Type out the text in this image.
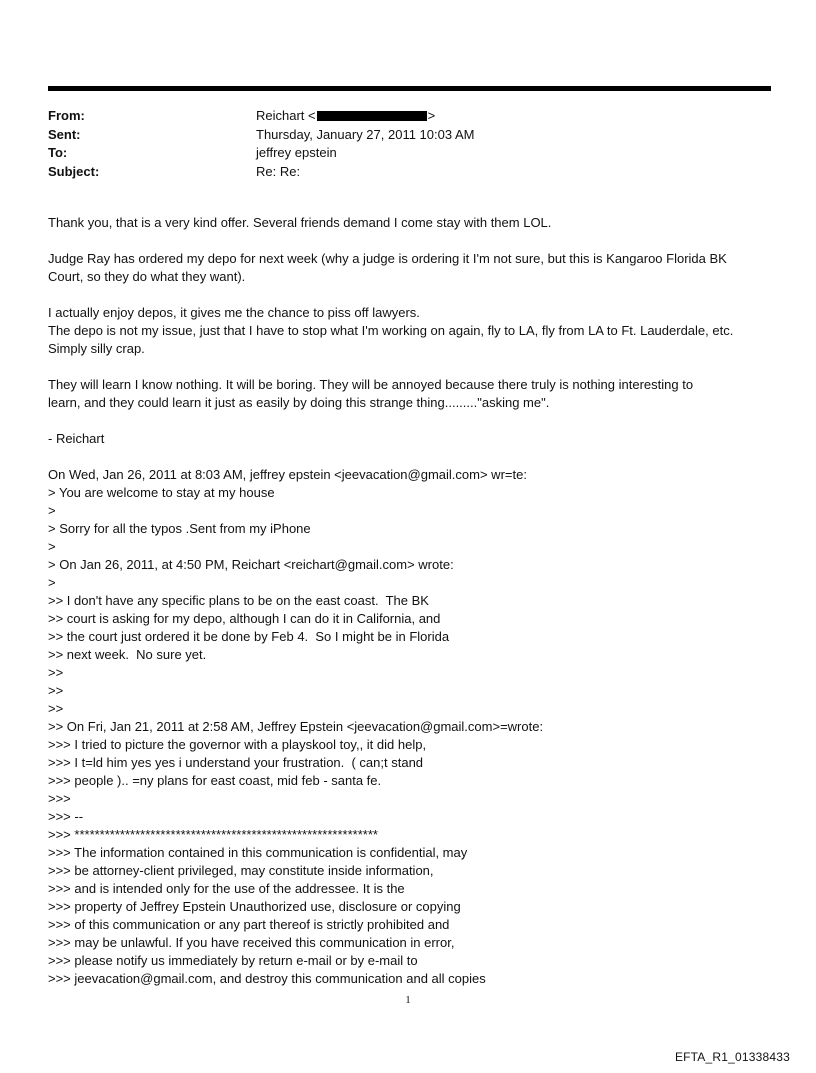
From:	Reichart <	>
Sent:	Thursday, January 27, 2011 10:03 AM
To:	jeffrey epstein
Subject:	Re: Re:

Thank you, that is a very kind offer. Several friends demand I come stay with them LOL.

Judge Ray has ordered my depo for next week (why a judge is ordering it I'm not sure, but this is Kangaroo Florida BK
Court, so they do what they want).

I actually enjoy depos, it gives me the chance to piss off lawyers.
The depo is not my issue, just that I have to stop what I'm working on again, fly to LA, fly from LA to Ft. Lauderdale, etc.
Simply silly crap.

They will learn I know nothing. It will be boring. They will be annoyed because there truly is nothing interesting to
learn, and they could learn it just as easily by doing this strange thing........."asking me".

- Reichart

On Wed, Jan 26, 2011 at 8:03 AM, jeffrey epstein <jeevacation@gmail.com> wr=te:
> You are welcome to stay at my house
>
> Sorry for all the typos .Sent from my iPhone
>
> On Jan 26, 2011, at 4:50 PM, Reichart <reichart@gmail.com> wrote:
>
>> I don't have any specific plans to be on the east coast.  The BK
>> court is asking for my depo, although I can do it in California, and
>> the court just ordered it be done by Feb 4.  So I might be in Florida
>> next week.  No sure yet.
>>
>>
>>
>> On Fri, Jan 21, 2011 at 2:58 AM, Jeffrey Epstein <jeevacation@gmail.com>=wrote:
>>> I tried to picture the governor with a playskool toy,, it did help,
>>> I t=ld him yes yes i understand your frustration.  ( can;t stand
>>> people ).. =ny plans for east coast, mid feb - santa fe.
>>>
>>> --
>>> ************************************************************
>>> The information contained in this communication is confidential, may
>>> be attorney-client privileged, may constitute inside information,
>>> and is intended only for the use of the addressee. It is the
>>> property of Jeffrey Epstein Unauthorized use, disclosure or copying
>>> of this communication or any part thereof is strictly prohibited and
>>> may be unlawful. If you have received this communication in error,
>>> please notify us immediately by return e-mail or by e-mail to
>>> jeevacation@gmail.com, and destroy this communication and all copies
1
EFTA_R1_01338433
